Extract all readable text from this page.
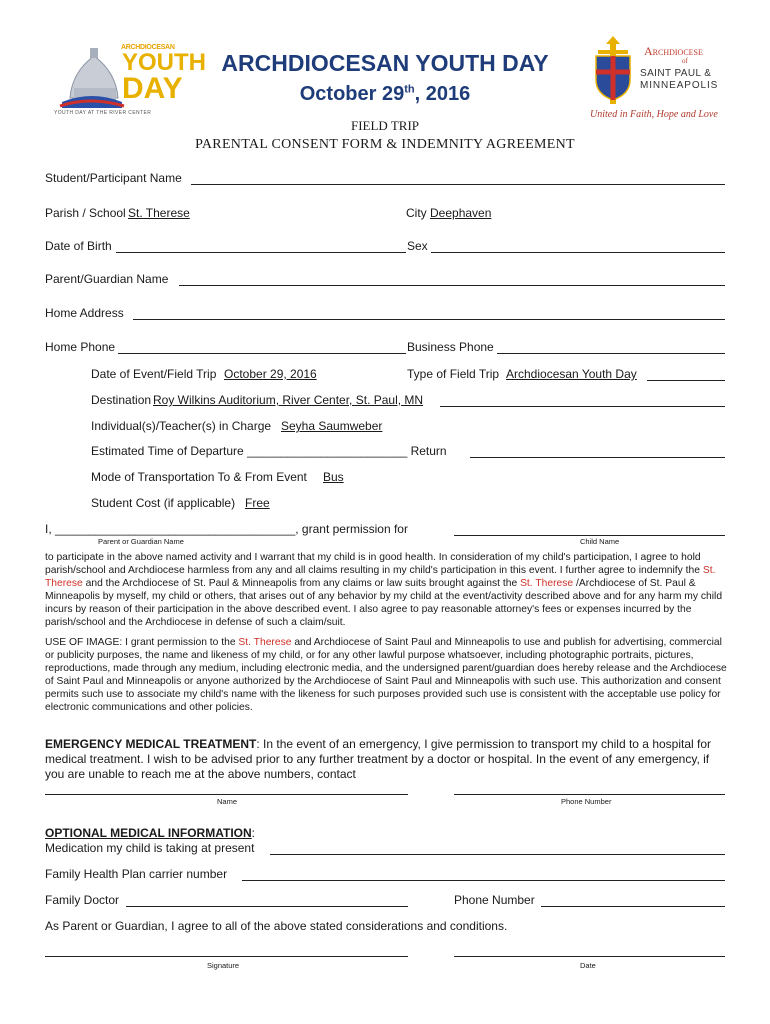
ARCHDIOCESAN
YOUTH
DAY
YOUTH DAY AT THE RIVER CENTER
ARCHDIOCESAN YOUTH DAY
October 29th, 2016
Archdiocese
of
SAINT PAUL &
MINNEAPOLIS
United in Faith, Hope and Love
FIELD TRIP
PARENTAL CONSENT FORM & INDEMNITY AGREEMENT
Student/Participant Name
Parish / School St. Therese	City Deephaven
Date of Birth	Sex
Parent/Guardian Name
Home Address
Home Phone	Business Phone
Date of Event/Field Trip October 29, 2016	Type of Field Trip Archdiocesan Youth Day
Destination Roy Wilkins Auditorium, River Center, St. Paul, MN
Individual(s)/Teacher(s) in Charge Seyha Saumweber
Estimated Time of Departure ________________________ Return
Mode of Transportation To & From Event Bus
Student Cost (if applicable) Free
I, ____________________________________, grant permission for
Parent or Guardian Name	Child Name
to participate in the above named activity and I warrant that my child is in good health. In consideration of my child's participation, I agree to hold parish/school and Archdiocese harmless from any and all claims resulting in my child's participation in this event. I further agree to indemnify the St. Therese and the Archdiocese of St. Paul & Minneapolis from any claims or law suits brought against the St. Therese /Archdiocese of St. Paul & Minneapolis by myself, my child or others, that arises out of any behavior by my child at the event/activity described above and for any harm my child incurs by reason of their participation in the above described event. I also agree to pay reasonable attorney's fees or expenses incurred by the parish/school and the Archdiocese in defense of such a claim/suit.
USE OF IMAGE: I grant permission to the St. Therese and Archdiocese of Saint Paul and Minneapolis to use and publish for advertising, commercial or publicity purposes, the name and likeness of my child, or for any other lawful purpose whatsoever, including photographic portraits, pictures, reproductions, made through any medium, including electronic media, and the undersigned parent/guardian does hereby release and the Archdiocese of Saint Paul and Minneapolis or anyone authorized by the Archdiocese of Saint Paul and Minneapolis with such use. This authorization and consent permits such use to associate my child's name with the likeness for such purposes provided such use is consistent with the acceptable use policy for electronic communications and other policies.
EMERGENCY MEDICAL TREATMENT: In the event of an emergency, I give permission to transport my child to a hospital for medical treatment. I wish to be advised prior to any further treatment by a doctor or hospital. In the event of any emergency, if you are unable to reach me at the above numbers, contact
Name	Phone Number
OPTIONAL MEDICAL INFORMATION:
Medication my child is taking at present
Family Health Plan carrier number
Family Doctor	Phone Number
As Parent or Guardian, I agree to all of the above stated considerations and conditions.
Signature	Date
